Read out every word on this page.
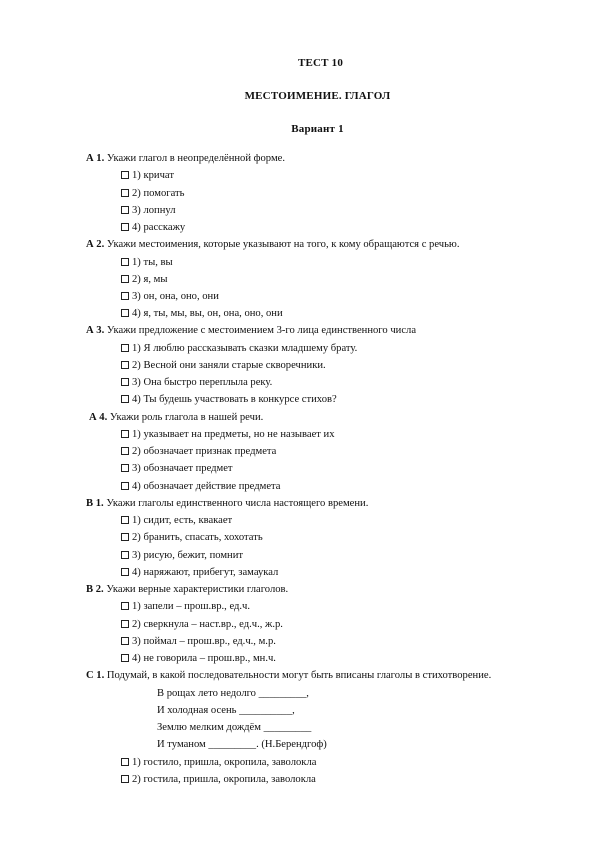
ТЕСТ 10
МЕСТОИМЕНИЕ. ГЛАГОЛ
Вариант 1
А 1. Укажи глагол в неопределённой форме.
1) кричат
2) помогать
3) лопнул
4) расскажу
А 2. Укажи местоимения, которые указывают на того, к кому обращаются с речью.
1) ты, вы
2) я, мы
3) он, она, оно, они
4) я, ты, мы, вы, он, она, оно, они
А 3. Укажи предложение с местоимением 3-го лица единственного числа
1) Я люблю рассказывать сказки младшему брату.
2) Весной они заняли старые скворечники.
3) Она быстро переплыла реку.
4) Ты будешь участвовать в конкурсе стихов?
А 4. Укажи роль глагола в нашей речи.
1) указывает на предметы, но не называет их
2) обозначает признак предмета
3) обозначает предмет
4) обозначает действие предмета
В 1. Укажи глаголы единственного числа настоящего времени.
1) сидит, есть, квакает
2) бранить, спасать, хохотать
3) рисую, бежит, помнит
4) наряжают, прибегут, замаукал
В 2. Укажи верные характеристики глаголов.
1) запели – прош.вр., ед.ч.
2) сверкнула – наст.вр., ед.ч., ж.р.
3) поймал – прош.вр., ед.ч., м.р.
4) не говорила – прош.вр., мн.ч.
С 1. Подумай, в какой последовательности могут быть вписаны глаголы в стихотворение.
В рощах лето недолго _________,
И холодная осень __________,
Землю мелким дождём _________
И туманом _________. (Н.Берендгоф)
1) гостило, пришла, окропила, заволокла
2) гостила, пришла, окропила, заволокла
